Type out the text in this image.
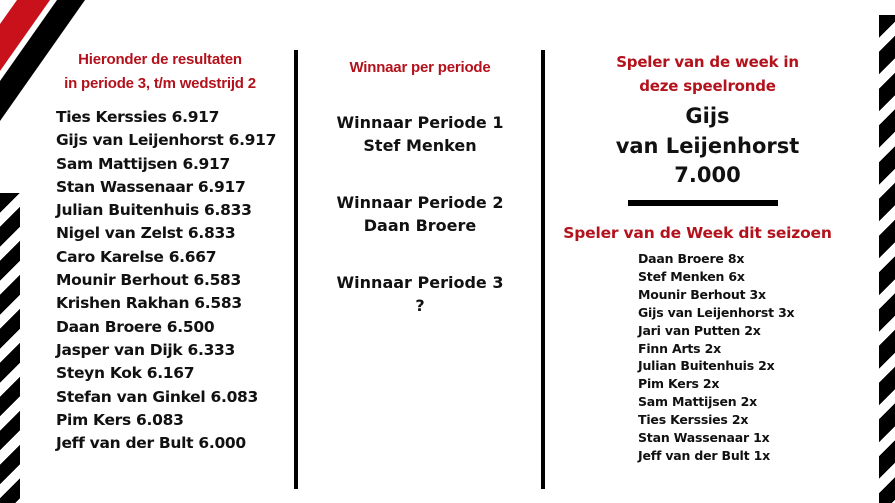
Hieronder de resultaten
in periode 3, t/m wedstrijd 2
Ties Kerssies 6.917
Gijs van Leijenhorst 6.917
Sam Mattijsen 6.917
Stan Wassenaar 6.917
Julian Buitenhuis 6.833
Nigel van Zelst 6.833
Caro Karelse 6.667
Mounir Berhout 6.583
Krishen Rakhan 6.583
Daan Broere 6.500
Jasper van Dijk 6.333
Steyn Kok 6.167
Stefan van Ginkel 6.083
Pim Kers 6.083
Jeff van der Bult 6.000
Winnaar per periode
Winnaar Periode 1
Stef Menken
Winnaar Periode 2
Daan Broere
Winnaar Periode 3
?
Speler van de week in
deze speelronde
Gijs
van Leijenhorst
7.000
Speler van de Week dit seizoen
Daan Broere 8x
Stef Menken 6x
Mounir Berhout 3x
Gijs van Leijenhorst 3x
Jari van Putten 2x
Finn Arts 2x
Julian Buitenhuis 2x
Pim Kers 2x
Sam Mattijsen 2x
Ties Kerssies 2x
Stan Wassenaar 1x
Jeff van der Bult 1x
